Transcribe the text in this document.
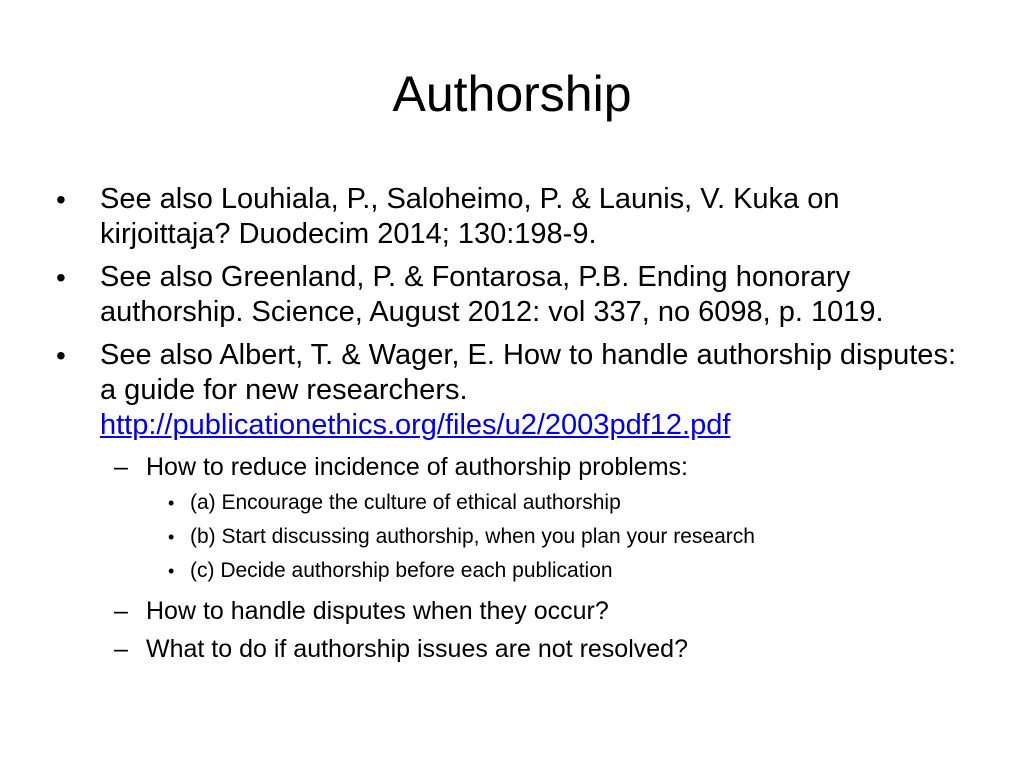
Authorship
• See also Louhiala, P., Saloheimo, P. & Launis, V. Kuka on kirjoittaja? Duodecim 2014; 130:198-9.
• See also Greenland, P. & Fontarosa, P.B. Ending honorary authorship. Science, August 2012: vol 337, no 6098, p. 1019.
• See also Albert, T. & Wager, E. How to handle authorship disputes: a guide for new researchers. http://publicationethics.org/files/u2/2003pdf12.pdf
– How to reduce incidence of authorship problems:
• (a) Encourage the culture of ethical authorship
• (b) Start discussing authorship, when you plan your research
• (c) Decide authorship before each publication
– How to handle disputes when they occur?
– What to do if authorship issues are not resolved?
